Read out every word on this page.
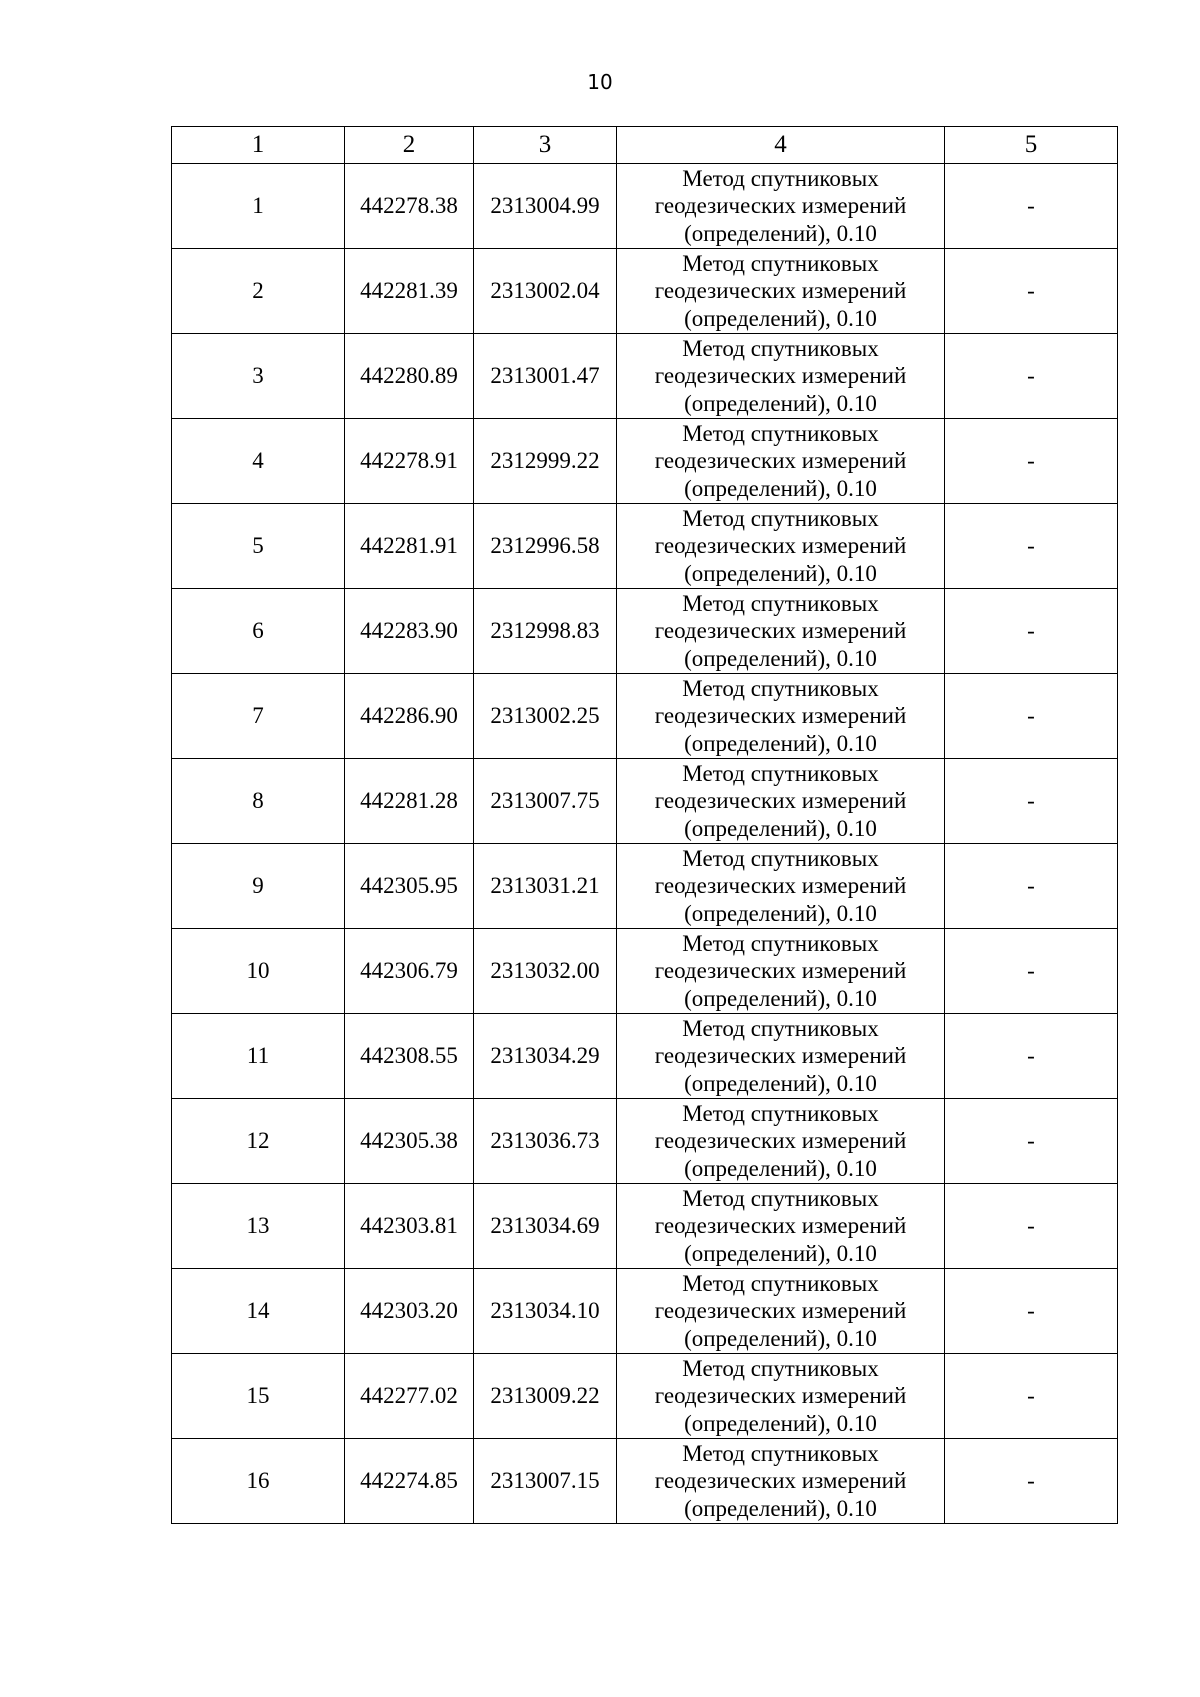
10
1	2	3	4	5
1	442278.38	2313004.99	Метод спутниковых
геодезических измерений
(определений), 0.10	-
2	442281.39	2313002.04	Метод спутниковых
геодезических измерений
(определений), 0.10	-
3	442280.89	2313001.47	Метод спутниковых
геодезических измерений
(определений), 0.10	-
4	442278.91	2312999.22	Метод спутниковых
геодезических измерений
(определений), 0.10	-
5	442281.91	2312996.58	Метод спутниковых
геодезических измерений
(определений), 0.10	-
6	442283.90	2312998.83	Метод спутниковых
геодезических измерений
(определений), 0.10	-
7	442286.90	2313002.25	Метод спутниковых
геодезических измерений
(определений), 0.10	-
8	442281.28	2313007.75	Метод спутниковых
геодезических измерений
(определений), 0.10	-
9	442305.95	2313031.21	Метод спутниковых
геодезических измерений
(определений), 0.10	-
10	442306.79	2313032.00	Метод спутниковых
геодезических измерений
(определений), 0.10	-
11	442308.55	2313034.29	Метод спутниковых
геодезических измерений
(определений), 0.10	-
12	442305.38	2313036.73	Метод спутниковых
геодезических измерений
(определений), 0.10	-
13	442303.81	2313034.69	Метод спутниковых
геодезических измерений
(определений), 0.10	-
14	442303.20	2313034.10	Метод спутниковых
геодезических измерений
(определений), 0.10	-
15	442277.02	2313009.22	Метод спутниковых
геодезических измерений
(определений), 0.10	-
16	442274.85	2313007.15	Метод спутниковых
геодезических измерений
(определений), 0.10	-
